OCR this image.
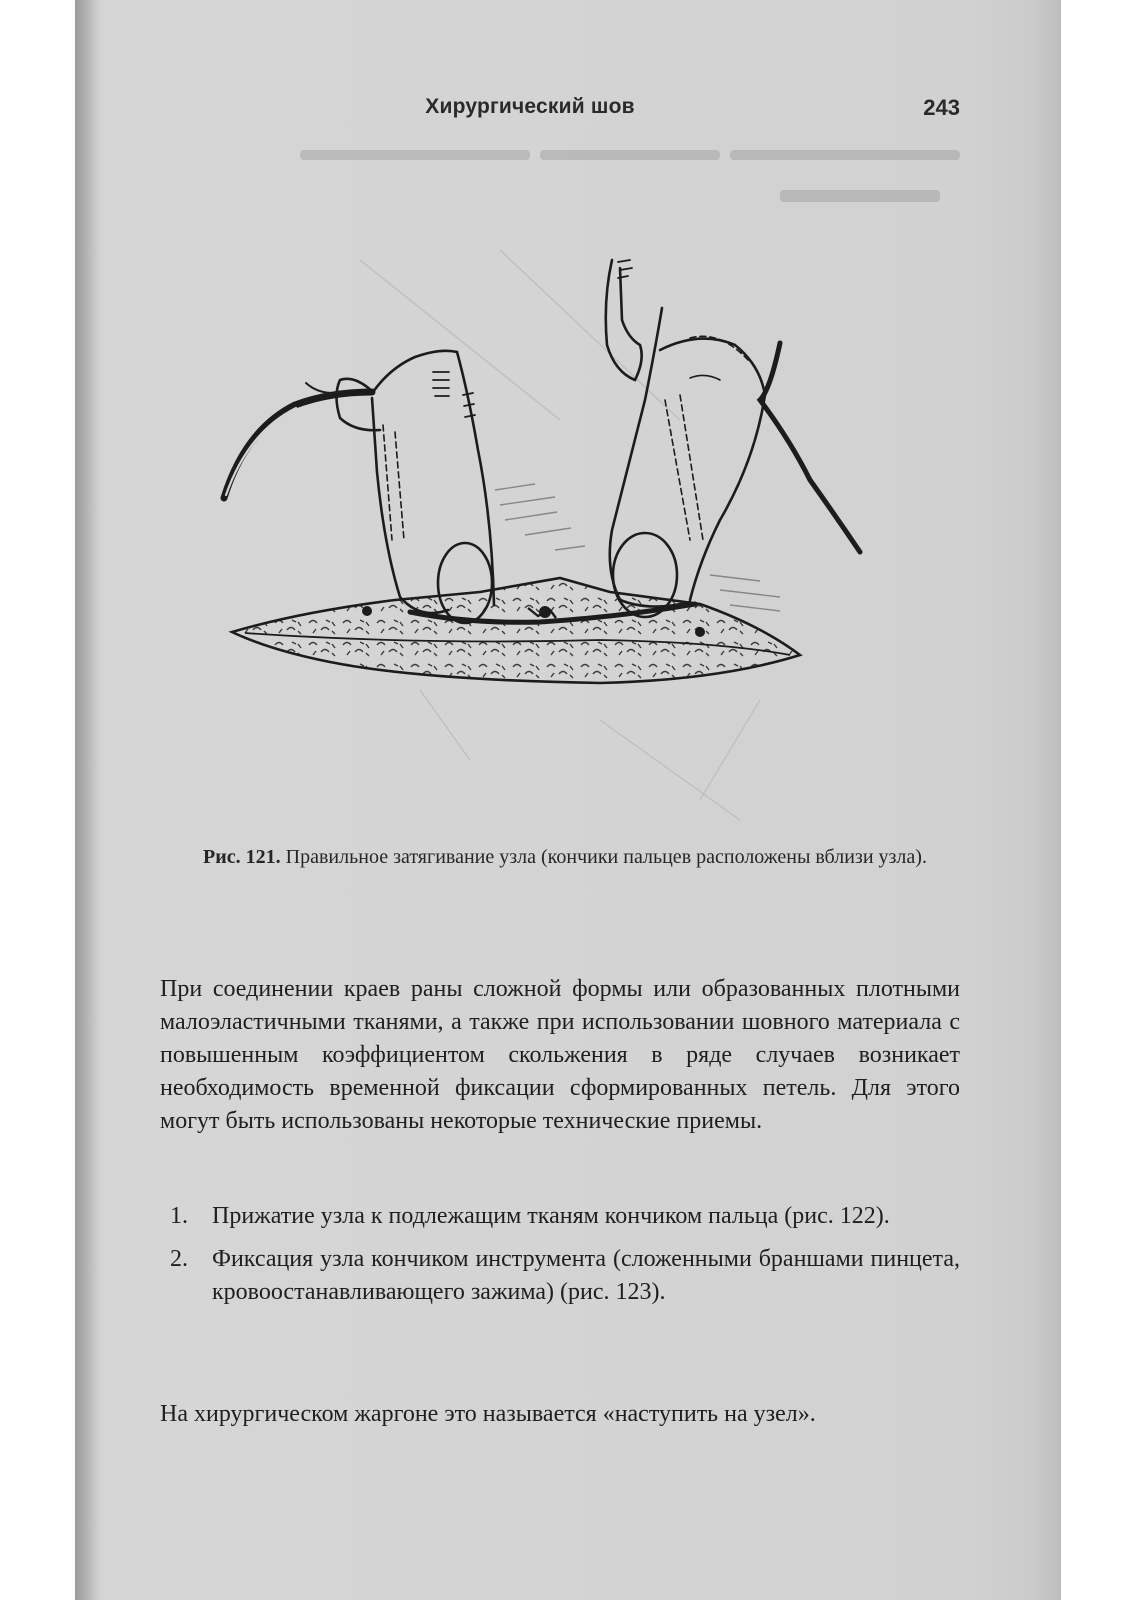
Хирургический шов	243
Рис. 121. Правильное затягивание узла (кончики пальцев расположены вблизи узла).

При соединении краев раны сложной формы или образованных плотными малоэластичными тканями, а также при использовании шовного материала с повышенным коэффициентом скольжения в ряде случаев возникает необходимость временной фиксации сформированных петель. Для этого могут быть использованы некоторые технические приемы.

1. Прижатие узла к подлежащим тканям кончиком пальца (рис. 122).
2. Фиксация узла кончиком инструмента (сложенными браншами пинцета, кровоостанавливающего зажима) (рис. 123).

На хирургическом жаргоне это называется «наступить на узел».
